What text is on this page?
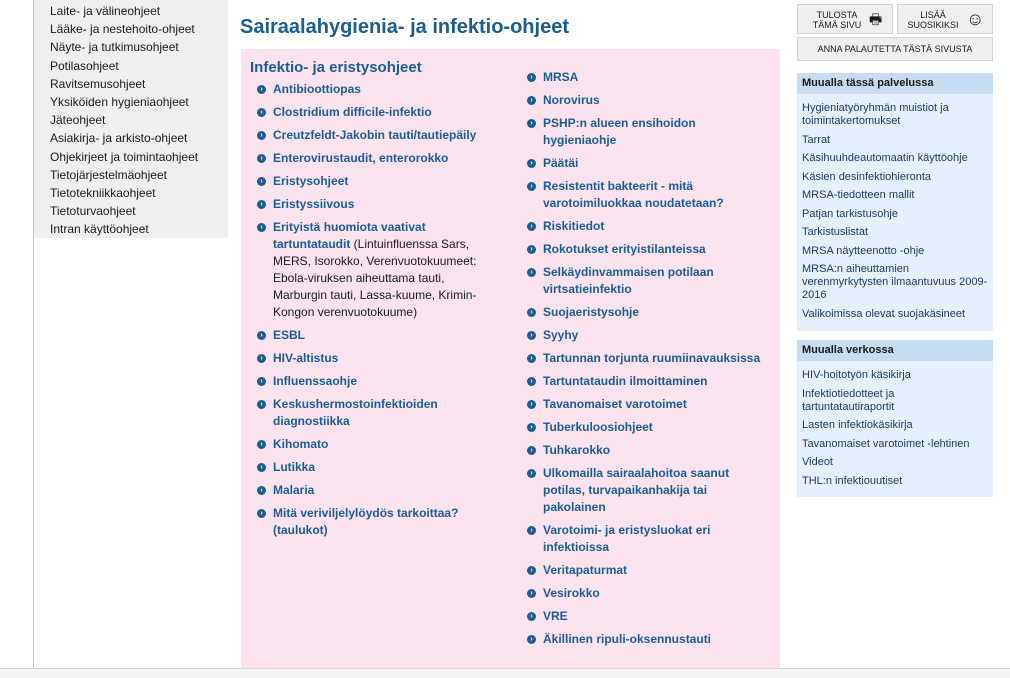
Laite- ja välineohjeet
Lääke- ja nestehoito-ohjeet
Näyte- ja tutkimusohjeet
Potilasohjeet
Ravitsemusohjeet
Yksiköiden hygieniaohjeet
Jäteohjeet
Asiakirja- ja arkisto-ohjeet
Ohjekirjeet ja toimintaohjeet
Tietojärjestelmäohjeet
Tietotekniikkaohjeet
Tietoturvaohjeet
Intran käyttöohjeet
Sairaalahygienia- ja infektio-ohjeet
Infektio- ja eristysohjeet
› Antibioottiopas
› Clostridium difficile-infektio
› Creutzfeldt-Jakobin tauti/tautiepäily
› Enterovirustaudit, enterorokko
› Eristysohjeet
› Eristyssiivous
› Erityistä huomiota vaativat tartuntataudit (Lintuinfluenssa Sars, MERS, Isorokko, Verenvuotokuumeet: Ebola-viruksen aiheuttama tauti, Marburgin tauti, Lassa-kuume, Krimin-Kongon verenvuotokuume)
› ESBL
› HIV-altistus
› Influenssaohje
› Keskushermostoinfektioiden diagnostiikka
› Kihomato
› Lutikka
› Malaria
› Mitä veriviljelylöydös tarkoittaa? (taulukot)
› MRSA
› Norovirus
› PSHP:n alueen ensihoidon hygieniaohje
› Päätäi
› Resistentit bakteerit - mitä varotoimiluokkaa noudatetaan?
› Riskitiedot
› Rokotukset erityistilanteissa
› Selkäydinvammaisen potilaan virtsatieinfektio
› Suojaeristysohje
› Syyhy
› Tartunnan torjunta ruumiinavauksissa
› Tartuntataudin ilmoittaminen
› Tavanomaiset varotoimet
› Tuberkuloosiohjeet
› Tuhkarokko
› Ulkomailla sairaalahoitoa saanut potilas, turvapaikanhakija tai pakolainen
› Varotoimi- ja eristysluokat eri infektioissa
› Veritapaturmat
› Vesirokko
› VRE
› Äkillinen ripuli-oksennustauti
TULOSTA
TÄMÄ SIVU 🖶	LISÄÄ
SUOSIKIKSI ☺
ANNA PALAUTETTA TÄSTÄ SIVUSTA
Muualla tässä palvelussa
Hygieniatyöryhmän muistiot ja toimintakertomukset
Tarrat
Käsihuuhdeautomaatin käyttöohje
Käsien desinfektiohieronta
MRSA-tiedotteen mallit
Patjan tarkistusohje
Tarkistuslistat
MRSA näytteenotto -ohje
MRSA:n aiheuttamien verenmyrkytysten ilmaantuvuus 2009-2016
Valikoimissa olevat suojakäsineet
Muualla verkossa
HIV-hoitotyön käsikirja
Infektiotiedotteet ja tartuntatautiraportit
Lasten infektiokäsikirja
Tavanomaiset varotoimet -lehtinen
Videot
THL:n infektiouutiset
